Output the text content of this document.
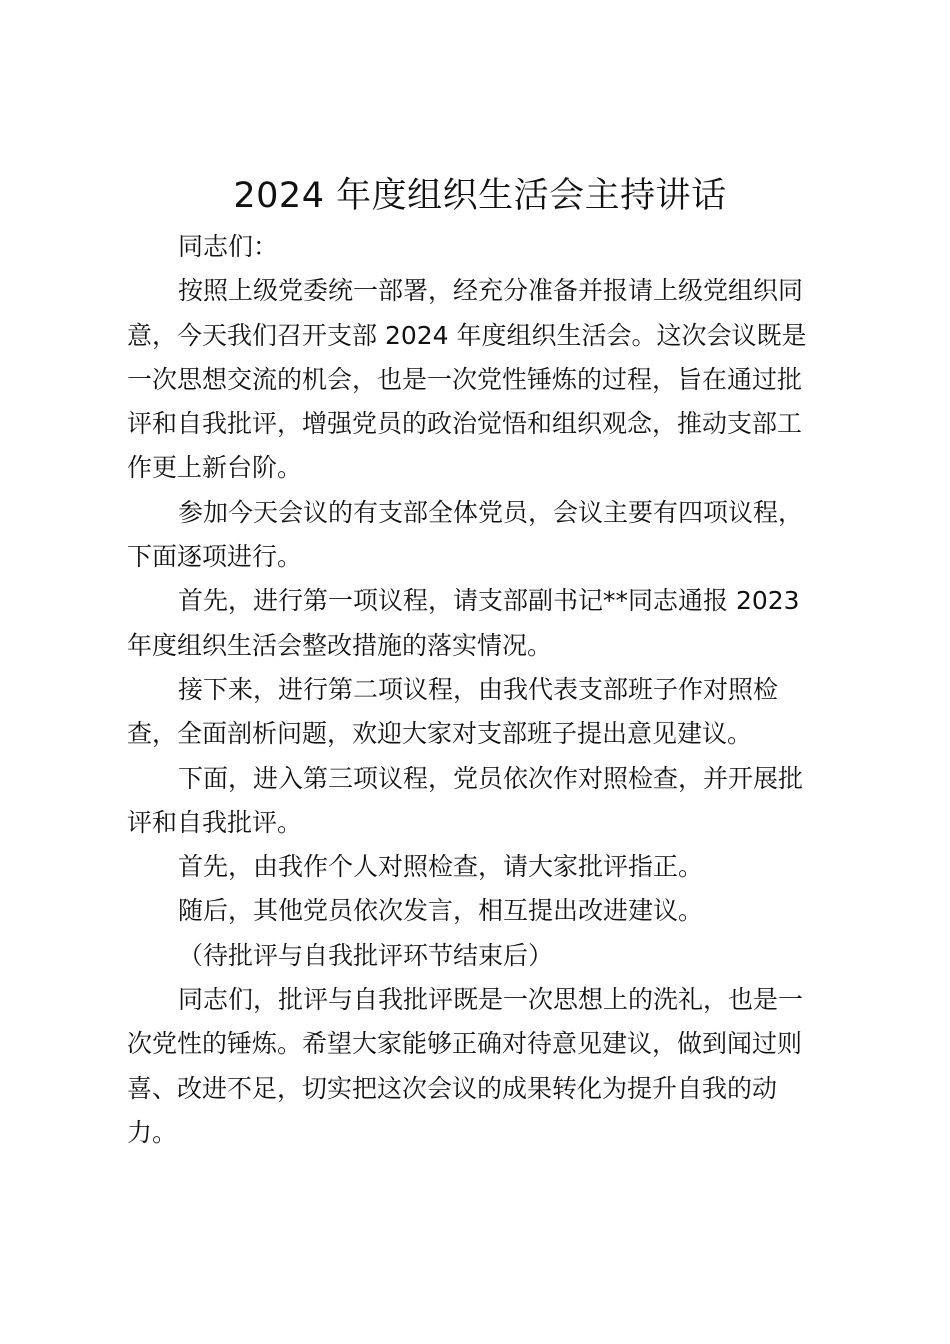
2024 年度组织生活会主持讲话
同志们：
按照上级党委统一部署，经充分准备并报请上级党组织同
意，今天我们召开支部 2024 年度组织生活会。这次会议既是
一次思想交流的机会，也是一次党性锤炼的过程，旨在通过批
评和自我批评，增强党员的政治觉悟和组织观念，推动支部工
作更上新台阶。
参加今天会议的有支部全体党员，会议主要有四项议程，
下面逐项进行。
首先，进行第一项议程，请支部副书记**同志通报 2023
年度组织生活会整改措施的落实情况。
接下来，进行第二项议程，由我代表支部班子作对照检
查，全面剖析问题，欢迎大家对支部班子提出意见建议。
下面，进入第三项议程，党员依次作对照检查，并开展批
评和自我批评。
首先，由我作个人对照检查，请大家批评指正。
随后，其他党员依次发言，相互提出改进建议。
（待批评与自我批评环节结束后）
同志们，批评与自我批评既是一次思想上的洗礼，也是一
次党性的锤炼。希望大家能够正确对待意见建议，做到闻过则
喜、改进不足，切实把这次会议的成果转化为提升自我的动
力。
